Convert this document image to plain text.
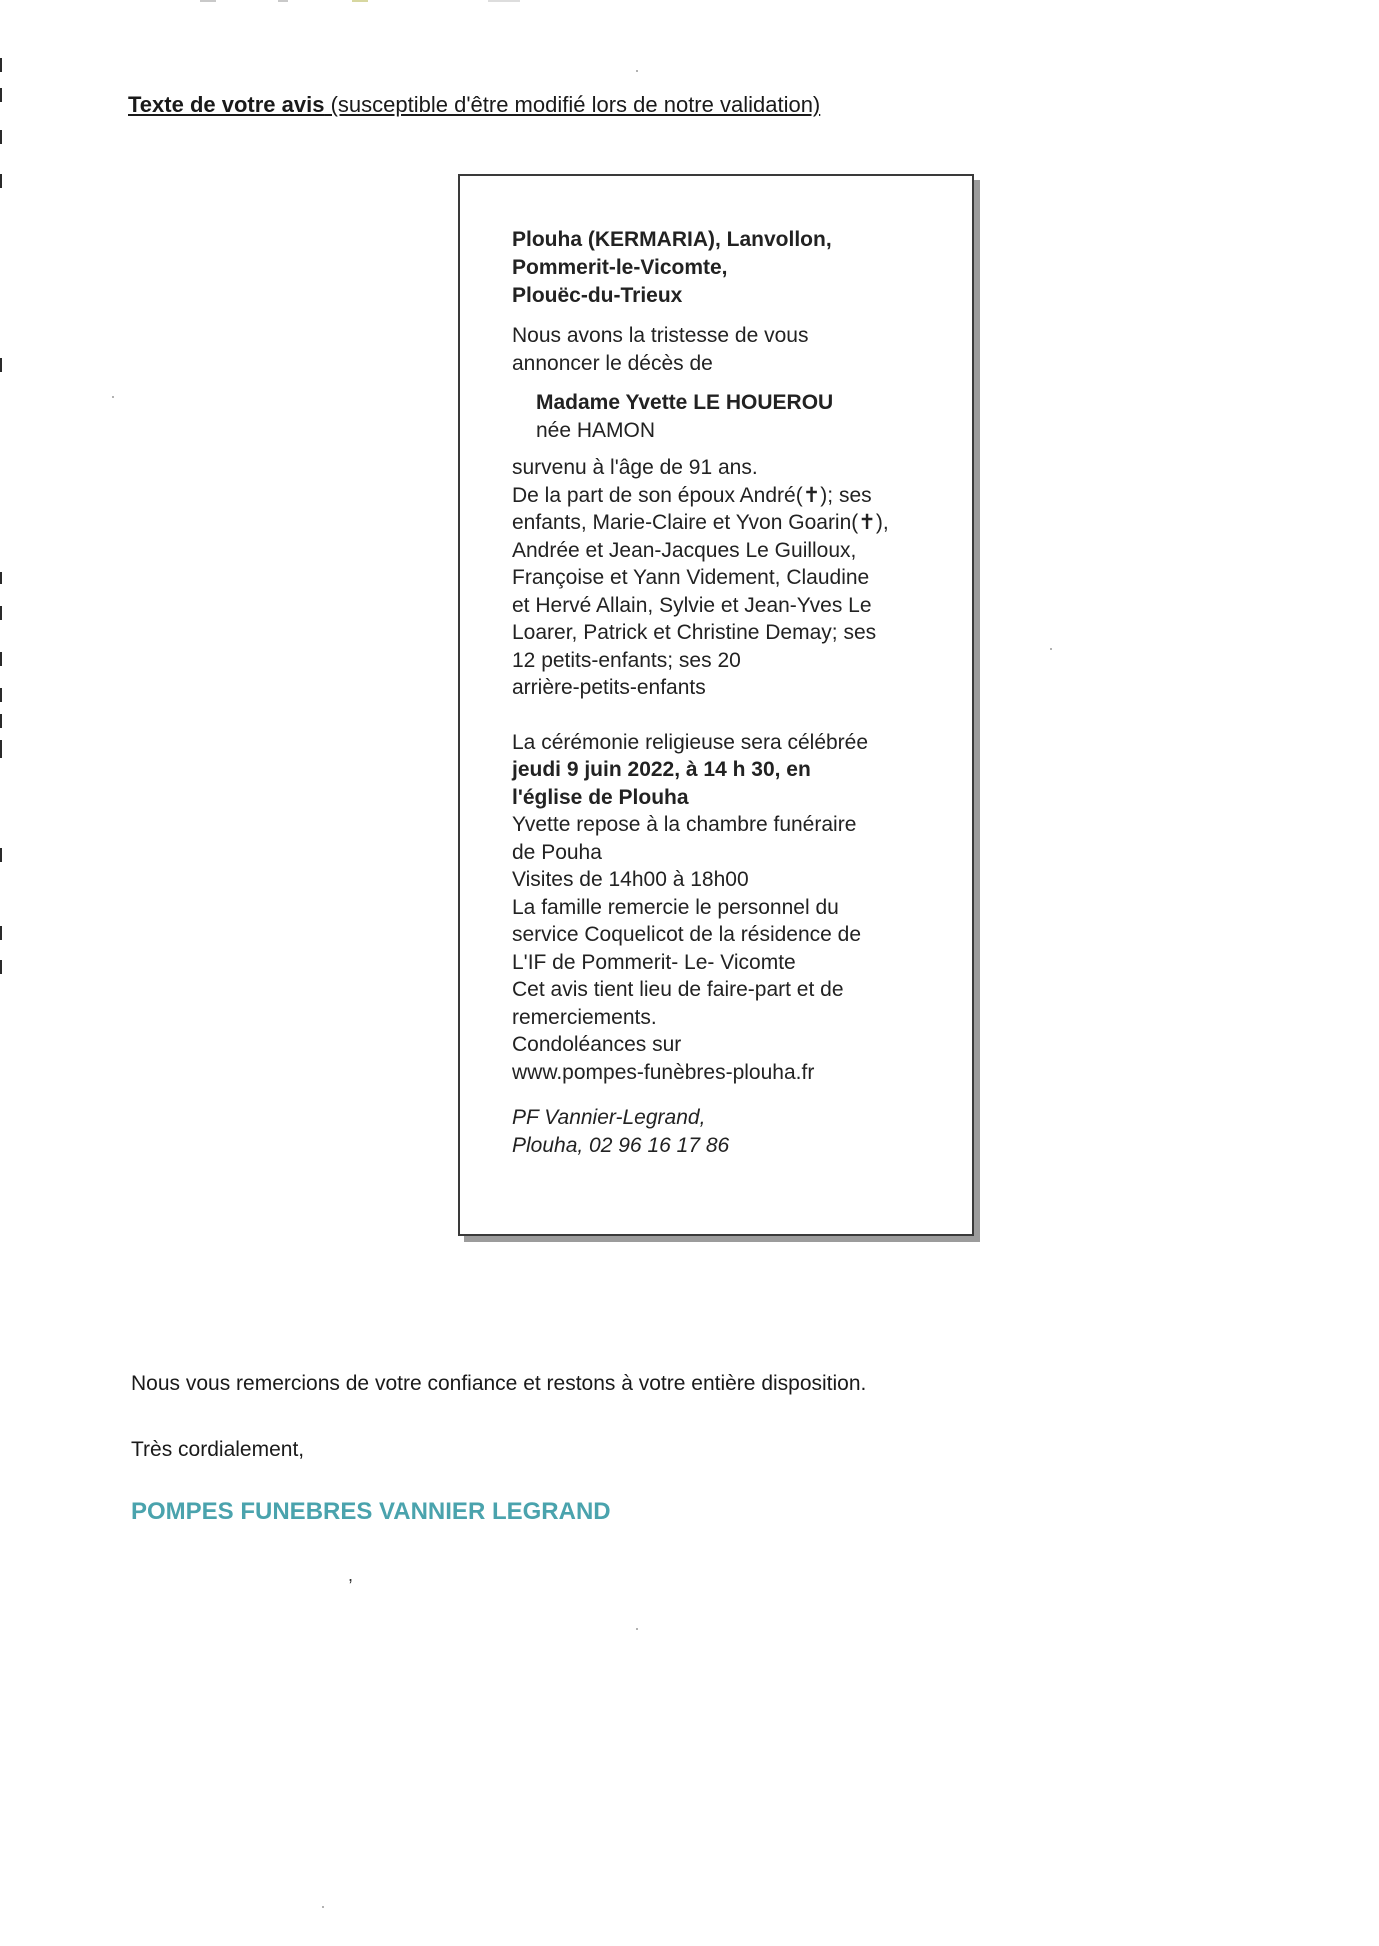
,
Texte de votre avis (susceptible d'être modifié lors de notre validation)
Plouha (KERMARIA), Lanvollon,
Pommerit-le-Vicomte,
Plouëc-du-Trieux
Nous avons la tristesse de vous
annoncer le décès de
Madame Yvette LE HOUEROU
née HAMON
survenu à l'âge de 91 ans.
De la part de son époux André(✝); ses
enfants, Marie-Claire et Yvon Goarin(✝),
Andrée et Jean-Jacques Le Guilloux,
Françoise et Yann Videment, Claudine
et Hervé Allain, Sylvie et Jean-Yves Le
Loarer, Patrick et Christine Demay; ses
12 petits-enfants; ses 20
arrière-petits-enfants
La cérémonie religieuse sera célébrée
jeudi 9 juin 2022, à 14 h 30, en
l'église de Plouha
Yvette repose à la chambre funéraire
de Pouha
Visites de 14h00 à 18h00
La famille remercie le personnel du
service Coquelicot de la résidence de
L'IF de Pommerit- Le- Vicomte
Cet avis tient lieu de faire-part et de
remerciements.
Condoléances sur
www.pompes-funèbres-plouha.fr
PF Vannier-Legrand,
Plouha, 02 96 16 17 86
Nous vous remercions de votre confiance et restons à votre entière disposition.
Très cordialement,
POMPES FUNEBRES VANNIER LEGRAND
